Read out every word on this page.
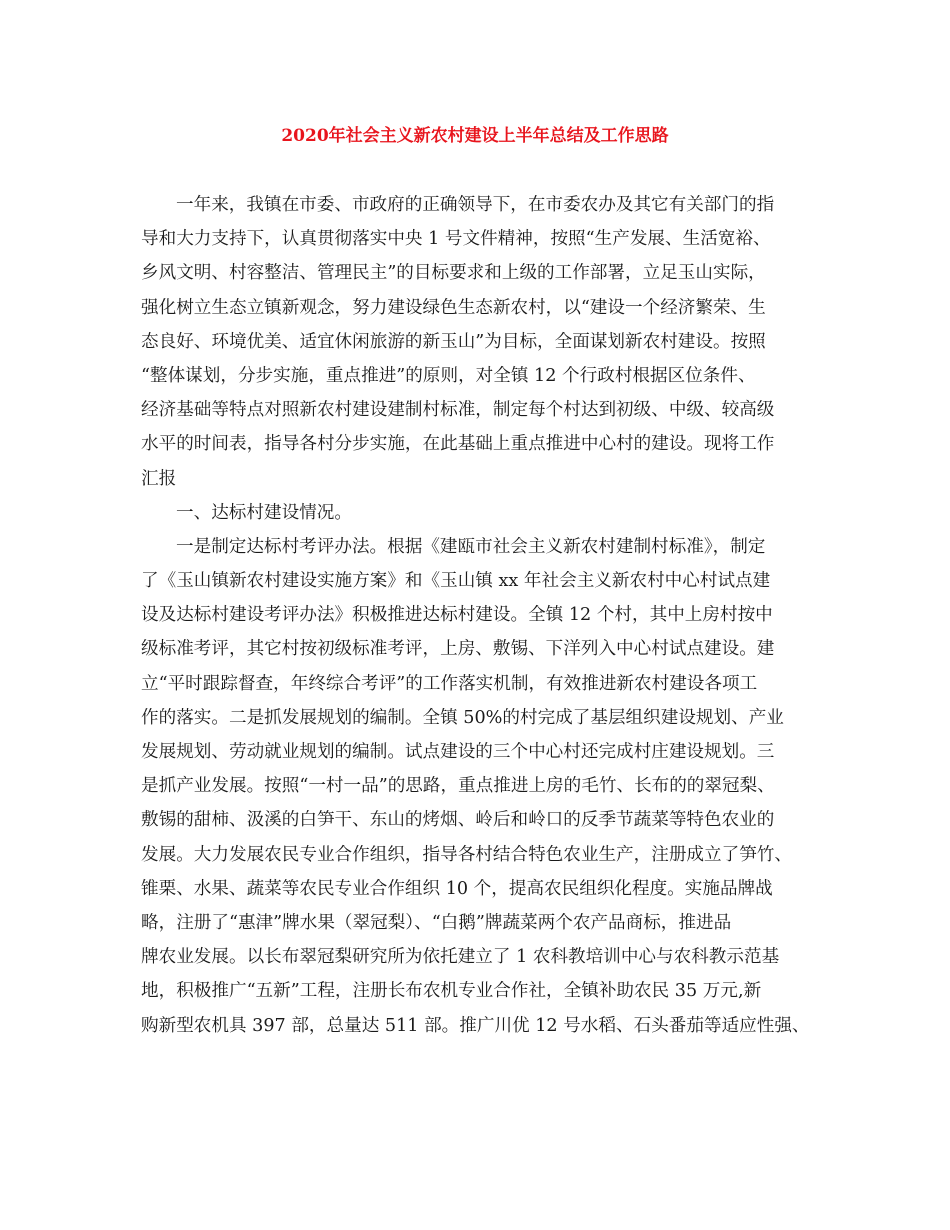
2020年社会主义新农村建设上半年总结及工作思路
一年来，我镇在市委、市政府的正确领导下，在市委农办及其它有关部门的指
导和大力支持下，认真贯彻落实中央 1 号文件精神，按照“生产发展、生活宽裕、
乡风文明、村容整洁、管理民主”的目标要求和上级的工作部署，立足玉山实际，
强化树立生态立镇新观念，努力建设绿色生态新农村，以“建设一个经济繁荣、生
态良好、环境优美、适宜休闲旅游的新玉山”为目标，全面谋划新农村建设。按照
“整体谋划，分步实施，重点推进”的原则，对全镇 12 个行政村根据区位条件、
经济基础等特点对照新农村建设建制村标准，制定每个村达到初级、中级、较高级
水平的时间表，指导各村分步实施，在此基础上重点推进中心村的建设。现将工作
汇报
一、达标村建设情况。
一是制定达标村考评办法。根据《建瓯市社会主义新农村建制村标准》，制定
了《玉山镇新农村建设实施方案》和《玉山镇 xx 年社会主义新农村中心村试点建
设及达标村建设考评办法》积极推进达标村建设。全镇 12 个村，其中上房村按中
级标准考评，其它村按初级标准考评，上房、敷锡、下洋列入中心村试点建设。建
立“平时跟踪督查，年终综合考评”的工作落实机制，有效推进新农村建设各项工
作的落实。二是抓发展规划的编制。全镇 50%的村完成了基层组织建设规划、产业
发展规划、劳动就业规划的编制。试点建设的三个中心村还完成村庄建设规划。三
是抓产业发展。按照“一村一品”的思路，重点推进上房的毛竹、长布的的翠冠梨、
敷锡的甜柿、汲溪的白笋干、东山的烤烟、岭后和岭口的反季节蔬菜等特色农业的
发展。大力发展农民专业合作组织，指导各村结合特色农业生产，注册成立了笋竹、
锥栗、水果、蔬菜等农民专业合作组织 10 个，提高农民组织化程度。实施品牌战
略，注册了“惠津”牌水果（翠冠梨）、“白鹅”牌蔬菜两个农产品商标，推进品
牌农业发展。以长布翠冠梨研究所为依托建立了 1 农科教培训中心与农科教示范基
地，积极推广“五新”工程，注册长布农机专业合作社，全镇补助农民 35 万元,新
购新型农机具 397 部，总量达 511 部。推广川优 12 号水稻、石头番茄等适应性强、
